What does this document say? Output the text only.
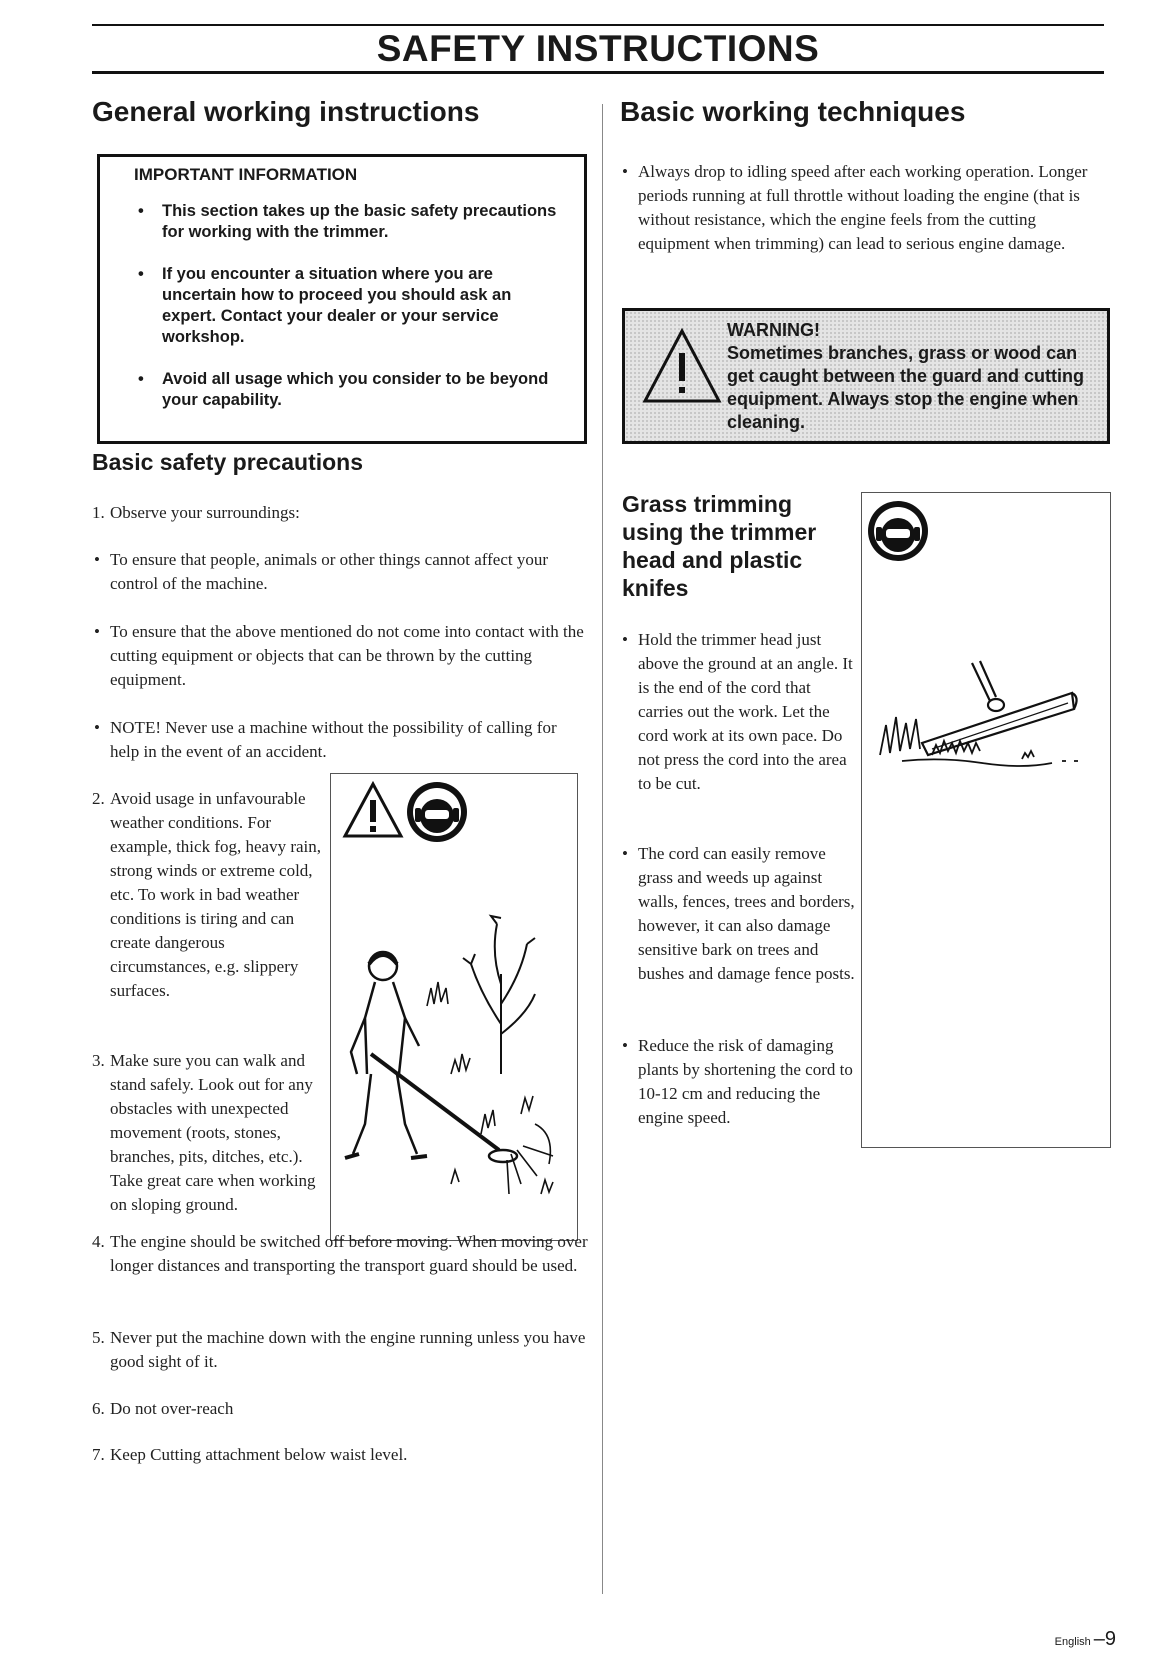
SAFETY INSTRUCTIONS
General working instructions
IMPORTANT INFORMATION
• This section takes up the basic safety precautions for working with the trimmer.
• If you encounter a situation where you are uncertain how to proceed you should ask an expert. Contact your dealer or your service workshop.
• Avoid all usage which you consider to be beyond your capability.
Basic safety precautions
1. Observe your surroundings:
• To ensure that people, animals or other things cannot affect your control of the machine.
• To ensure that the above mentioned do not come into contact with the cutting equipment or objects that can be thrown by the cutting equipment.
• NOTE! Never use a machine without the possibility of calling for help in the event of an accident.
2. Avoid usage in unfavourable weather conditions. For example, thick fog, heavy rain, strong winds or extreme cold, etc. To work in bad weather conditions is tiring and can create dangerous circumstances, e.g. slippery surfaces.
3. Make sure you can walk and stand safely. Look out for any obstacles with unexpected movement (roots, stones, branches, pits, ditches, etc.). Take great care when working on sloping ground.
4. The engine should be switched off before moving. When moving over longer distances and transporting the transport guard should be used.
5. Never put the machine down with the engine running unless you have good sight of it.
6. Do not over-reach
7. Keep Cutting attachment below waist level.
Basic working techniques
• Always drop to idling speed after each working operation. Longer periods running at full throttle without loading the engine (that is without resistance, which the engine feels from the cutting equipment when trimming) can lead to serious engine damage.
WARNING!
Sometimes branches, grass or wood can get caught between the guard and cutting equipment. Always stop the engine when cleaning.
Grass trimming using the trimmer head and plastic knifes
• Hold the trimmer head just above the ground at an angle. It is the end of the cord that carries out the work. Let the cord work at its own pace. Do not press the cord into the area to be cut.
• The cord can easily remove grass and weeds up against walls, fences, trees and borders, however, it can also damage sensitive bark on trees and bushes and damage fence posts.
• Reduce the risk of damaging plants by shortening the cord to 10-12 cm and reducing the engine speed.
English –9
